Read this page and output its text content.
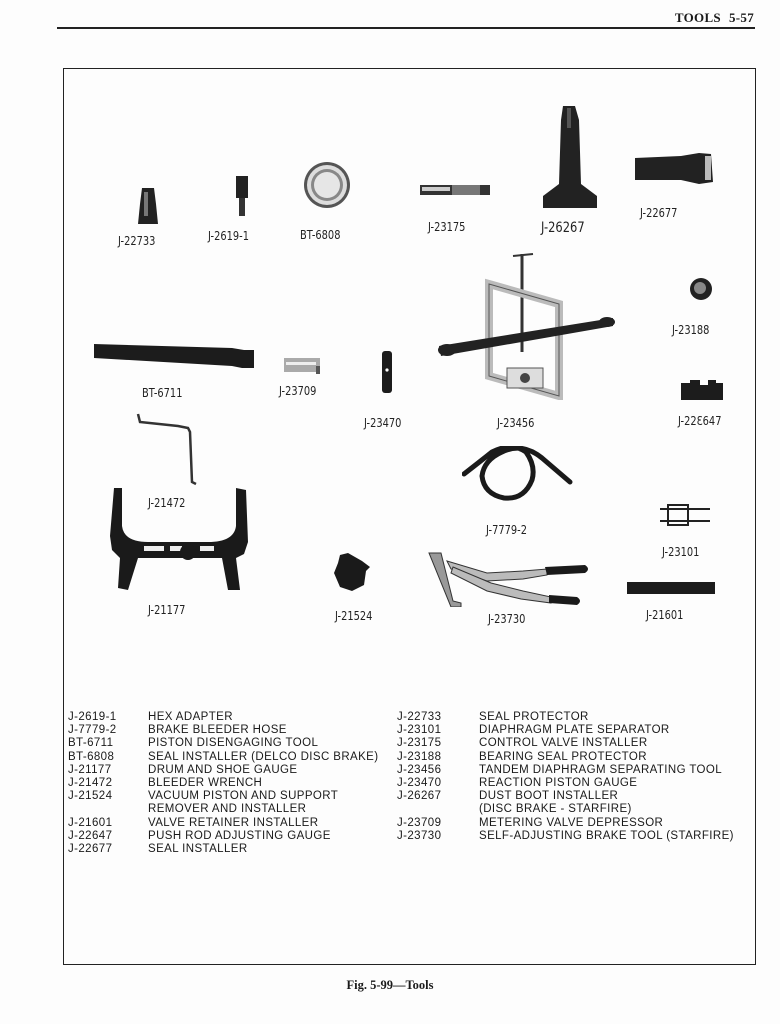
TOOLS 5-57
J-22733	J-2619-1	BT-6808
J-23175	J-26267
J-22677
J-23188
BT-6711	J-23709
J-23470	J-23456	J-22Ɛ647
J-21472
J-21177	J-21524
J-7779-2
J-23101
J-23730	J-21601
J-2619-1	HEX ADAPTER
J-7779-2	BRAKE BLEEDER HOSE
BT-6711	PISTON DISENGAGING TOOL
BT-6808	SEAL INSTALLER (DELCO DISC BRAKE)
J-21177	DRUM AND SHOE GAUGE
J-21472	BLEEDER WRENCH
J-21524	VACUUM PISTON AND SUPPORT
REMOVER AND INSTALLER
J-21601	VALVE RETAINER INSTALLER
J-22647	PUSH ROD ADJUSTING GAUGE
J-22677	SEAL INSTALLER
J-22733	SEAL PROTECTOR
J-23101	DIAPHRAGM PLATE SEPARATOR
J-23175	CONTROL VALVE INSTALLER
J-23188	BEARING SEAL PROTECTOR
J-23456	TANDEM DIAPHRAGM SEPARATING TOOL
J-23470	REACTION PISTON GAUGE
J-26267	DUST BOOT INSTALLER
(DISC BRAKE - STARFIRE)
J-23709	METERING VALVE DEPRESSOR
J-23730	SELF-ADJUSTING BRAKE TOOL (STARFIRE)
Fig. 5-99—Tools
